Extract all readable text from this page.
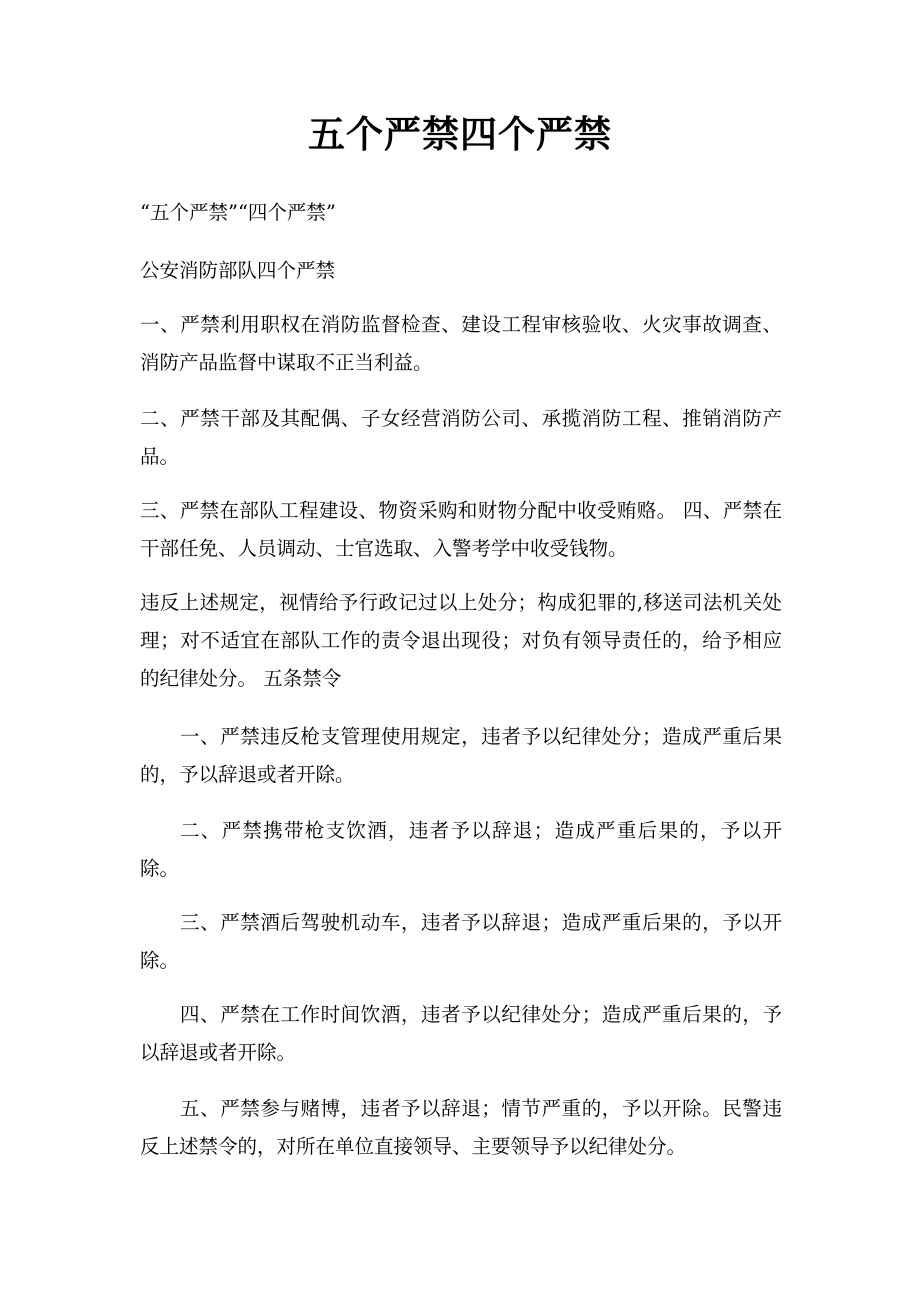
五个严禁四个严禁
“五个严禁”“四个严禁”
公安消防部队四个严禁
一、严禁利用职权在消防监督检查、建设工程审核验收、火灾事故调查、消防产品监督中谋取不正当利益。
二、严禁干部及其配偶、子女经营消防公司、承揽消防工程、推销消防产品。
三、严禁在部队工程建设、物资采购和财物分配中收受贿赂。 四、严禁在干部任免、人员调动、士官选取、入警考学中收受钱物。
违反上述规定，视情给予行政记过以上处分；构成犯罪的,移送司法机关处理；对不适宜在部队工作的责令退出现役；对负有领导责任的，给予相应的纪律处分。 五条禁令
一、严禁违反枪支管理使用规定，违者予以纪律处分；造成严重后果的，予以辞退或者开除。
二、严禁携带枪支饮酒，违者予以辞退；造成严重后果的，予以开除。
三、严禁酒后驾驶机动车，违者予以辞退；造成严重后果的，予以开除。
四、严禁在工作时间饮酒，违者予以纪律处分；造成严重后果的，予以辞退或者开除。
五、严禁参与赌博，违者予以辞退；情节严重的，予以开除。民警违反上述禁令的，对所在单位直接领导、主要领导予以纪律处分。
